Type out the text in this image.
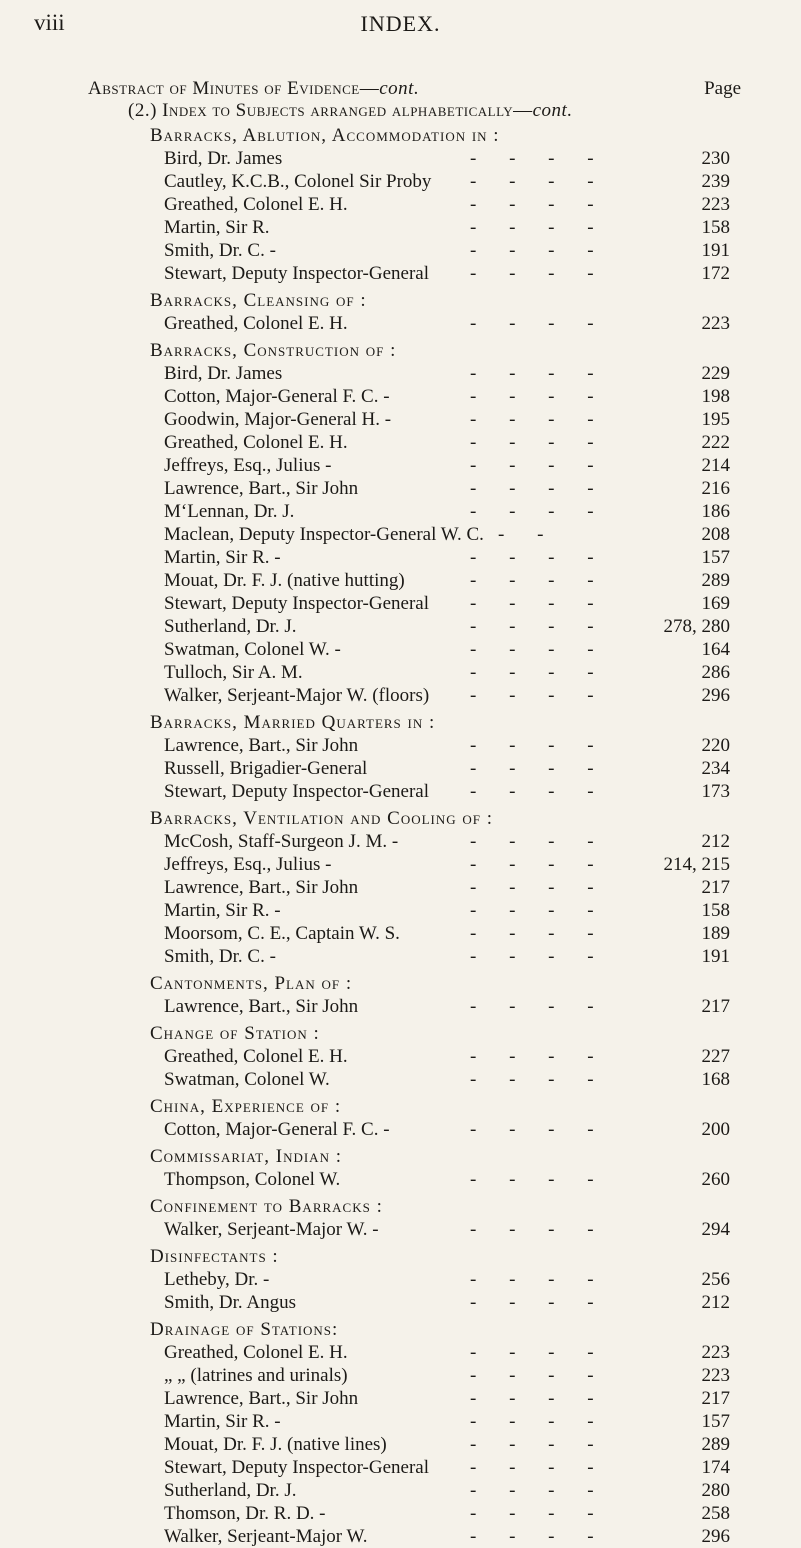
viii	INDEX.
Abstract of Minutes of Evidence—cont.	Page
(2.) Index to Subjects arranged alphabetically—cont.
Barracks, Ablution, Accommodation in :
Bird, Dr. James	- - - -	230
Cautley, K.C.B., Colonel Sir Proby - - - -	239
Greathed, Colonel E. H.	- - - -	223
Martin, Sir R.	- - - -	158
Smith, Dr. C. -	- - - -	191
Stewart, Deputy Inspector-General - - - -	172
Barracks, Cleansing of :
Greathed, Colonel E. H.	- - - -	223
Barracks, Construction of :
Bird, Dr. James	- - - -	229
Cotton, Major-General F. C. -	- - - -	198
Goodwin, Major-General H. -	- - - -	195
Greathed, Colonel E. H.	- - - -	222
Jeffreys, Esq., Julius -	- - - -	214
Lawrence, Bart., Sir John	- - - -	216
M‘Lennan, Dr. J.	- - - -	186
Maclean, Deputy Inspector-General W. C. - -	208
Martin, Sir R. -	- - - -	157
Mouat, Dr. F. J. (native hutting)	- - - -	289
Stewart, Deputy Inspector-General - - - -	169
Sutherland, Dr. J.	- - - -	278, 280
Swatman, Colonel W. -	- - - -	164
Tulloch, Sir A. M.	- - - -	286
Walker, Serjeant-Major W. (floors) - - - -	296
Barracks, Married Quarters in :
Lawrence, Bart., Sir John	- - - -	220
Russell, Brigadier-General	- - - -	234
Stewart, Deputy Inspector-General - - - -	173
Barracks, Ventilation and Cooling of :
McCosh, Staff-Surgeon J. M. -	- - - -	212
Jeffreys, Esq., Julius -	- - - -	214, 215
Lawrence, Bart., Sir John	- - - -	217
Martin, Sir R. -	- - - -	158
Moorsom, C. E., Captain W. S.	- - - -	189
Smith, Dr. C. -	- - - -	191
Cantonments, Plan of :
Lawrence, Bart., Sir John	- - - -	217
Change of Station :
Greathed, Colonel E. H.	- - - -	227
Swatman, Colonel W.	- - - -	168
China, Experience of :
Cotton, Major-General F. C. -	- - - -	200
Commissariat, Indian :
Thompson, Colonel W.	- - - -	260
Confinement to Barracks :
Walker, Serjeant-Major W. -	- - - -	294
Disinfectants :
Letheby, Dr. -	- - - -	256
Smith, Dr. Angus	- - - -	212
Drainage of Stations:
Greathed, Colonel E. H.	- - - -	223
„ „ (latrines and urinals)	- - - -	223
Lawrence, Bart., Sir John	- - - -	217
Martin, Sir R. -	- - - -	157
Mouat, Dr. F. J. (native lines)	- - - -	289
Stewart, Deputy Inspector-General - - - -	174
Sutherland, Dr. J.	- - - -	280
Thomson, Dr. R. D. -	- - - -	258
Walker, Serjeant-Major W.	- - - -	296
